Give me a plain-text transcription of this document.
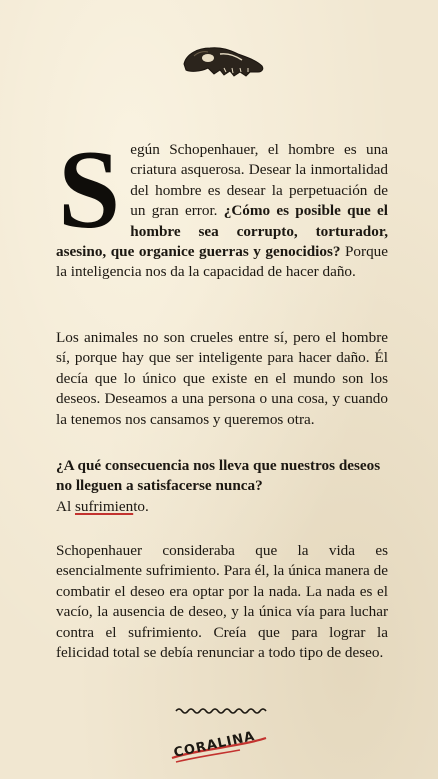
Según Schopenhauer, el hombre es una criatura asquerosa. Desear la inmortalidad del hombre es desear la perpetuación de un gran error. ¿Cómo es posible que el hombre sea corrupto, torturador, asesino, que organice guerras y genocidios? Porque la inteligencia nos da la capacidad de hacer daño.
Los animales no son crueles entre sí, pero el hombre sí, porque hay que ser inteligente para hacer daño. Él decía que lo único que existe en el mundo son los deseos. Deseamos a una persona o una cosa, y cuando la tenemos nos cansamos y queremos otra.
¿A qué consecuencia nos lleva que nuestros deseos no lleguen a satisfacerse nunca?
Al sufrimiento.
Schopenhauer consideraba que la vida es esencialmente sufrimiento. Para él, la única manera de combatir el deseo era optar por la nada. La nada es el vacío, la ausencia de deseo, y la única vía para luchar contra el sufrimiento. Creía que para lograr la felicidad total se debía renunciar a todo tipo de deseo.
CORALINA
